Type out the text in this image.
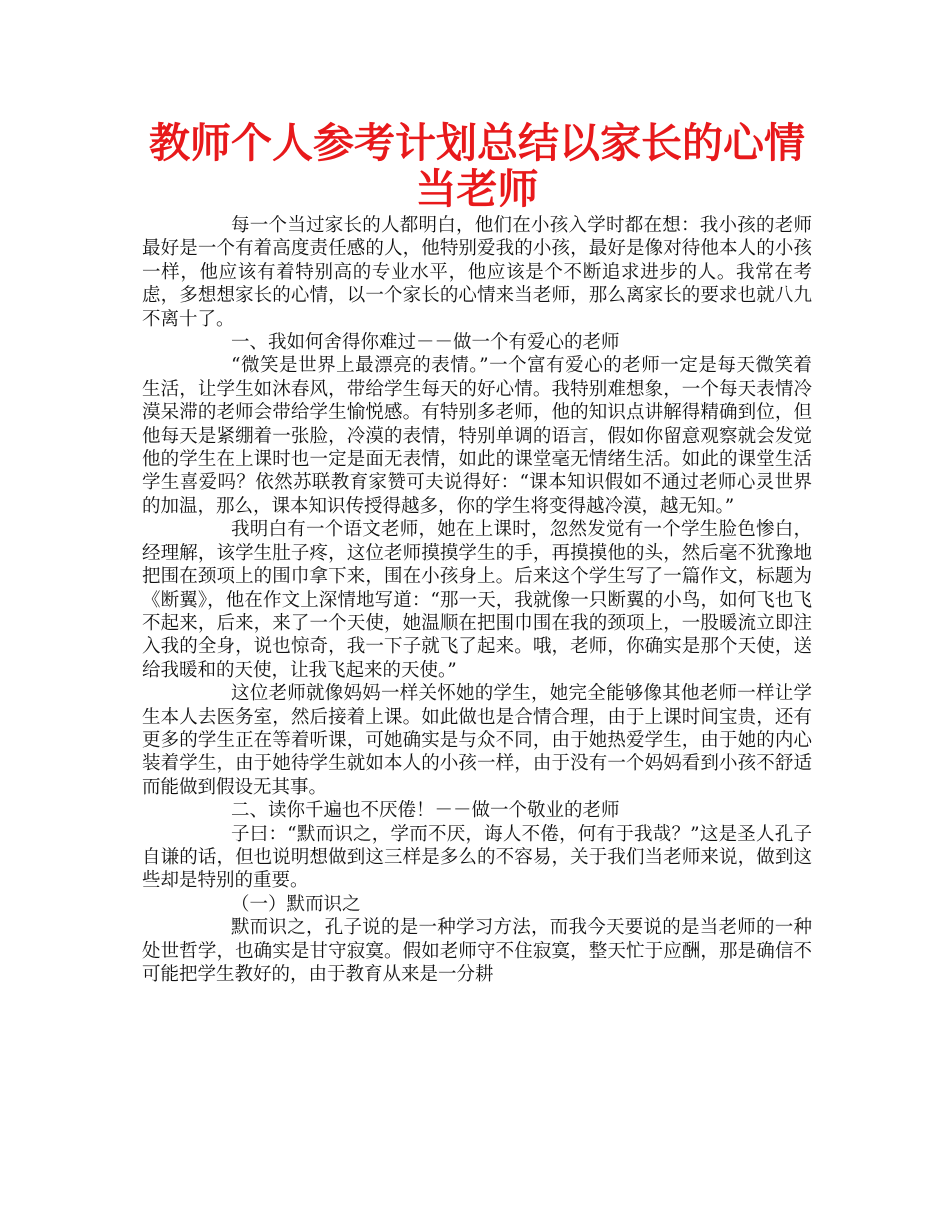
教师个人参考计划总结以家长的心情当老师

每一个当过家长的人都明白，他们在小孩入学时都在想：我小孩的老师最好是一个有着高度责任感的人，他特别爱我的小孩，最好是像对待他本人的小孩一样，他应该有着特别高的专业水平，他应该是个不断追求进步的人。我常在考虑，多想想家长的心情，以一个家长的心情来当老师，那么离家长的要求也就八九不离十了。

一、我如何舍得你难过－－做一个有爱心的老师

“微笑是世界上最漂亮的表情。”一个富有爱心的老师一定是每天微笑着生活，让学生如沐春风，带给学生每天的好心情。我特别难想象，一个每天表情冷漠呆滞的老师会带给学生愉悦感。有特别多老师，他的知识点讲解得精确到位，但他每天是紧绷着一张脸，冷漠的表情，特别单调的语言，假如你留意观察就会发觉他的学生在上课时也一定是面无表情，如此的课堂毫无情绪生活。如此的课堂生活学生喜爱吗？依然苏联教育家赞可夫说得好：“课本知识假如不通过老师心灵世界的加温，那么，课本知识传授得越多，你的学生将变得越冷漠，越无知。”

我明白有一个语文老师，她在上课时，忽然发觉有一个学生脸色惨白，经理解，该学生肚子疼，这位老师摸摸学生的手，再摸摸他的头，然后毫不犹豫地把围在颈项上的围巾拿下来，围在小孩身上。后来这个学生写了一篇作文，标题为《断翼》，他在作文上深情地写道：“那一天，我就像一只断翼的小鸟，如何飞也飞不起来，后来，来了一个天使，她温顺在把围巾围在我的颈项上，一股暖流立即注入我的全身，说也惊奇，我一下子就飞了起来。哦，老师，你确实是那个天使，送给我暖和的天使，让我飞起来的天使。”

这位老师就像妈妈一样关怀她的学生，她完全能够像其他老师一样让学生本人去医务室，然后接着上课。如此做也是合情合理，由于上课时间宝贵，还有更多的学生正在等着听课，可她确实是与众不同，由于她热爱学生，由于她的内心装着学生，由于她待学生就如本人的小孩一样，由于没有一个妈妈看到小孩不舒适而能做到假设无其事。

二、读你千遍也不厌倦！－－做一个敬业的老师

子曰：“默而识之，学而不厌，诲人不倦，何有于我哉？”这是圣人孔子自谦的话，但也说明想做到这三样是多么的不容易，关于我们当老师来说，做到这些却是特别的重要。

（一）默而识之

默而识之，孔子说的是一种学习方法，而我今天要说的是当老师的一种处世哲学，也确实是甘守寂寞。假如老师守不住寂寞，整天忙于应酬，那是确信不可能把学生教好的，由于教育从来是一分耕
